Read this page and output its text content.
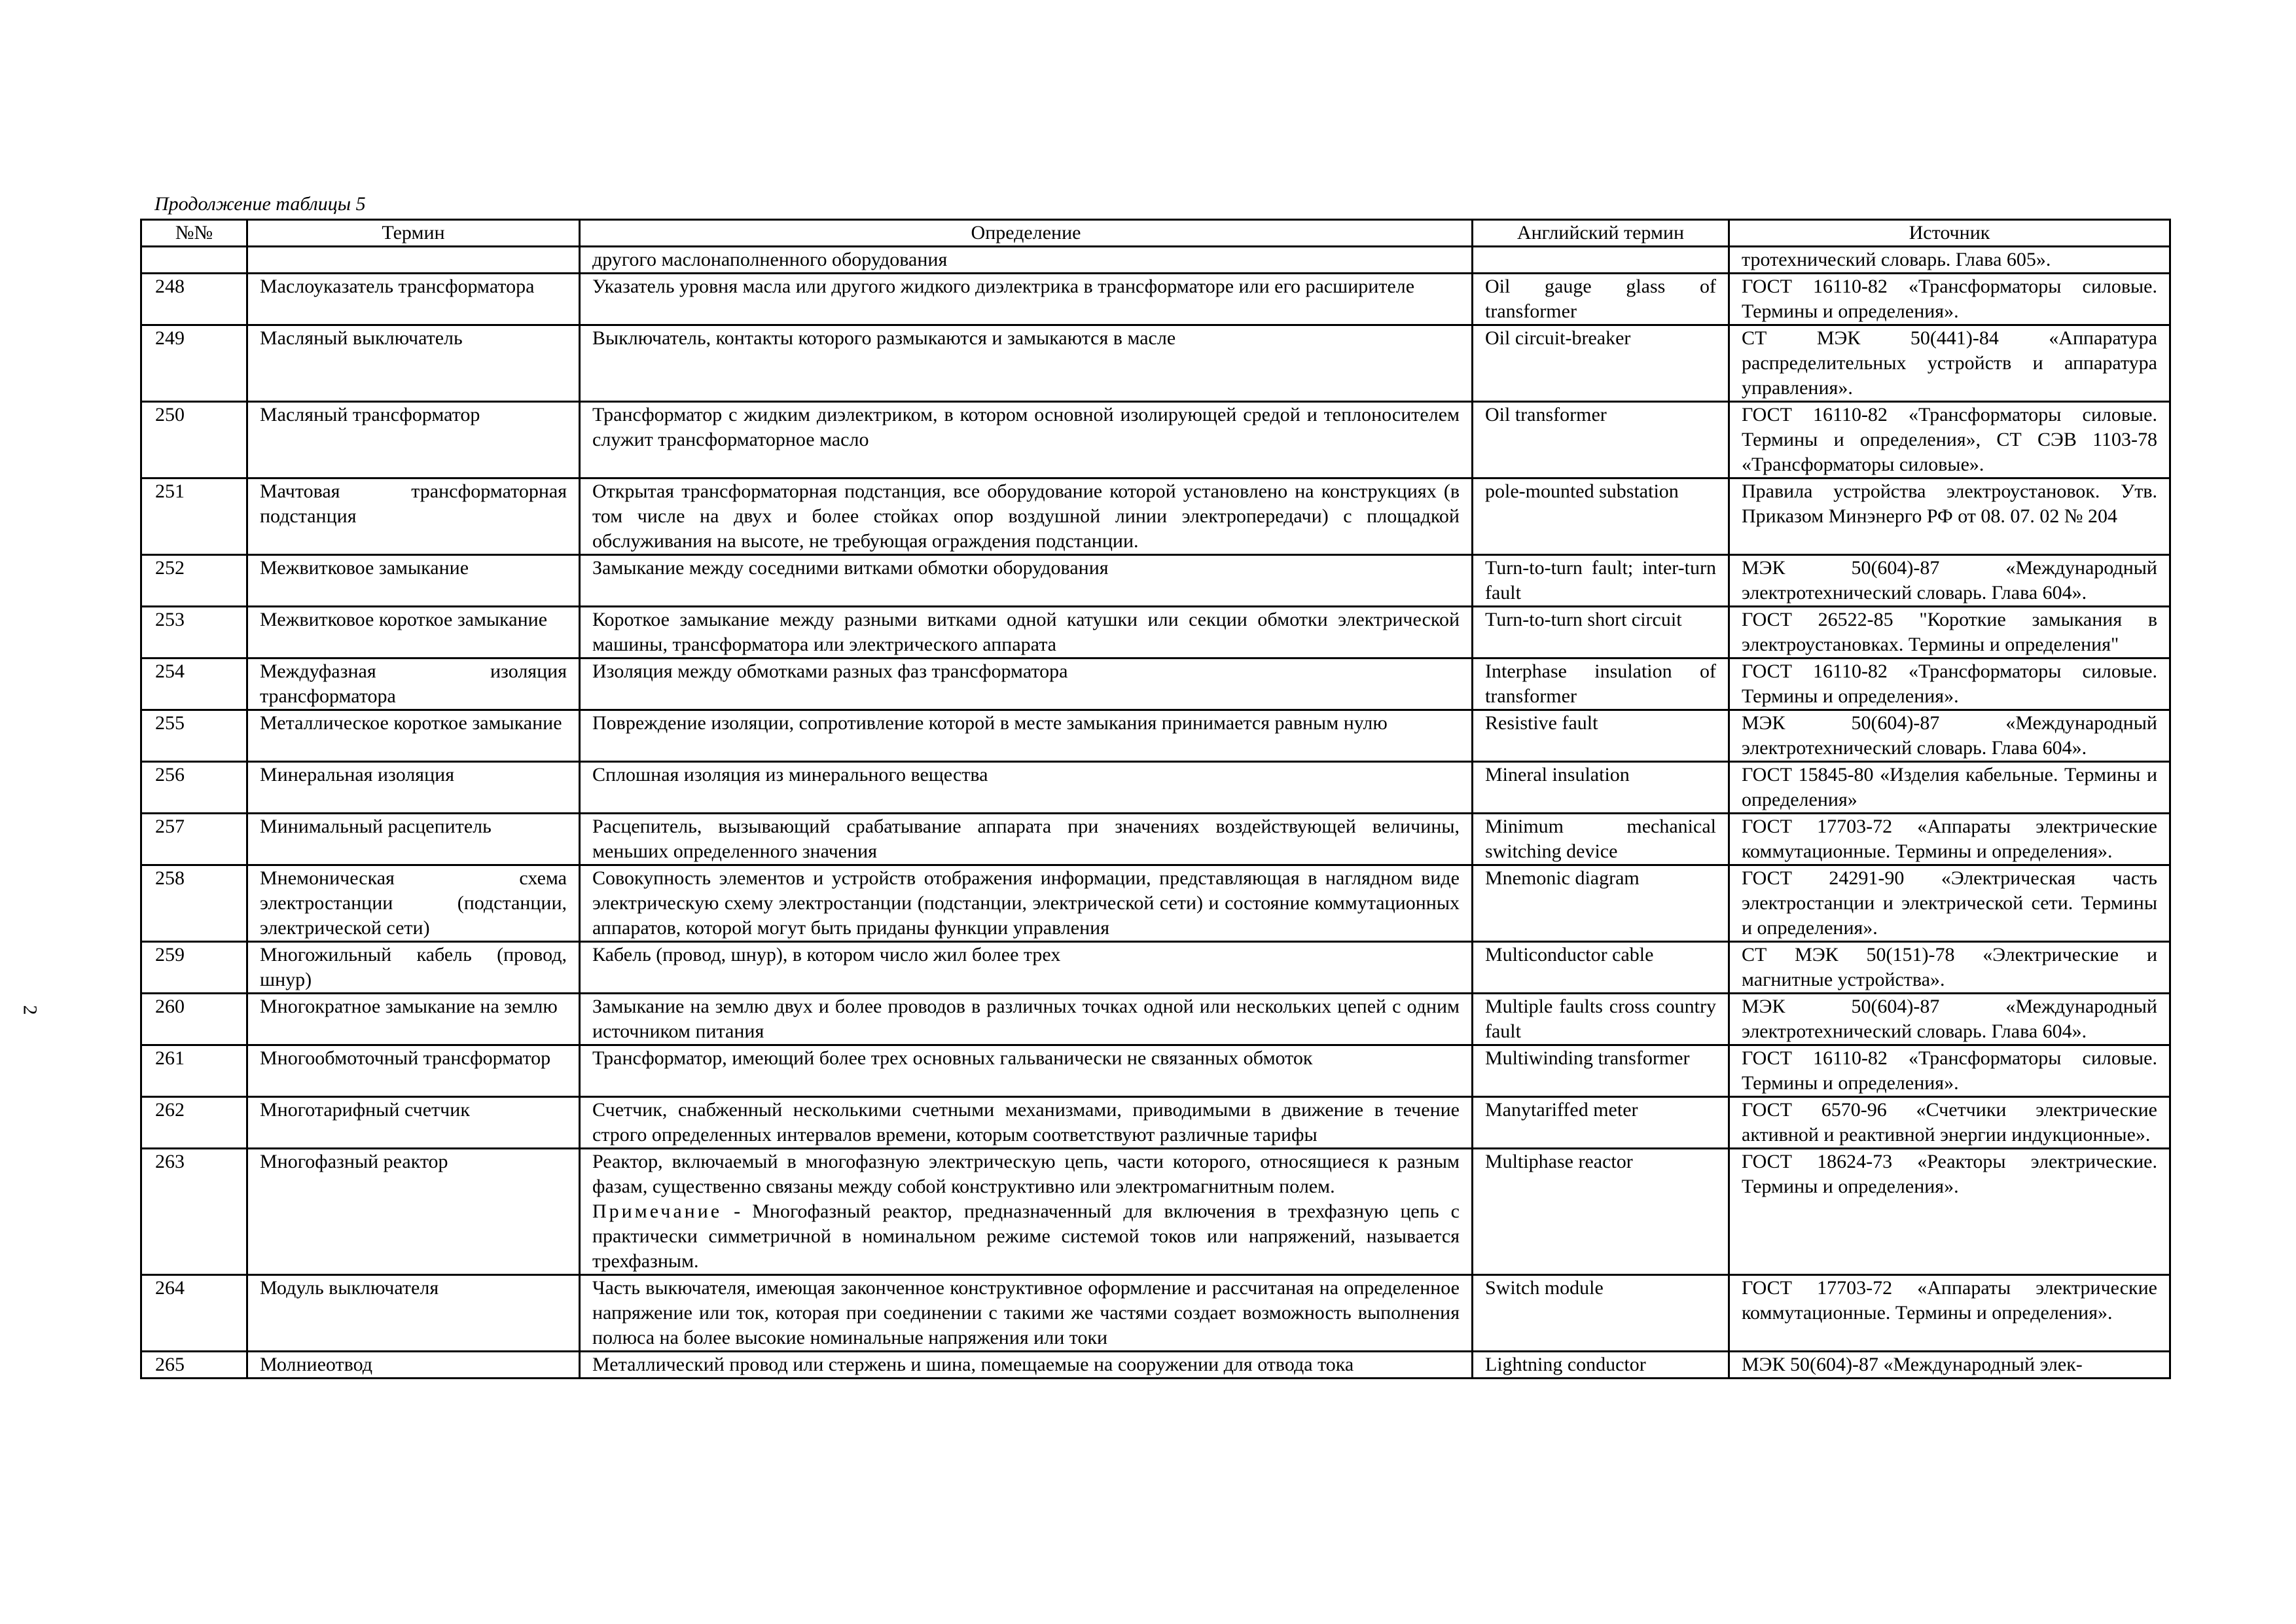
2
Продолжение таблицы 5
№№	Термин	Определение	Английский термин	Источник
		другого маслонаполненного оборудования		тротехнический словарь. Глава 605».
248	Маслоуказатель трансформатора	Указатель уровня масла или другого жидкого диэлектрика в трансформаторе или его расширителе	Oil gauge glass of transformer	ГОСТ 16110-82 «Трансформаторы силовые. Термины и определения».
249	Масляный выключатель	Выключатель, контакты которого размыкаются и замыкаются в масле	Oil circuit-breaker	СТ МЭК 50(441)-84 «Аппаратура распределительных устройств и аппаратура управления».
250	Масляный трансформатор	Трансформатор с жидким диэлектриком, в котором основной изолирующей средой и теплоносителем служит трансформаторное масло	Oil transformer	ГОСТ 16110-82 «Трансформаторы силовые. Термины и определения», СТ СЭВ 1103-78 «Трансформаторы силовые».
251	Мачтовая трансформаторная подстанция	Открытая трансформаторная подстанция, все оборудование которой установлено на конструкциях (в том числе на двух и более стойках опор воздушной линии электропередачи) с площадкой обслуживания на высоте, не требующая ограждения подстанции.	pole-mounted substation	Правила устройства электроустановок. Утв. Приказом Минэнерго РФ от 08. 07. 02 № 204
252	Межвитковое замыкание	Замыкание между соседними витками обмотки оборудования	Turn-to-turn fault; inter-turn fault	МЭК 50(604)-87 «Международный электротехнический словарь. Глава 604».
253	Межвитковое короткое замыкание	Короткое замыкание между разными витками одной катушки или секции обмотки электрической машины, трансформатора или электрического аппарата	Turn-to-turn short circuit	ГОСТ 26522-85 "Короткие замыкания в электроустановках. Термины и определения"
254	Междуфазная изоляция трансформатора	Изоляция между обмотками разных фаз трансформатора	Interphase insulation of transformer	ГОСТ 16110-82 «Трансформаторы силовые. Термины и определения».
255	Металлическое короткое замыкание	Повреждение изоляции, сопротивление которой в месте замыкания принимается равным нулю	Resistive fault	МЭК 50(604)-87 «Международный электротехнический словарь. Глава 604».
256	Минеральная изоляция	Сплошная изоляция из минерального вещества	Mineral insulation	ГОСТ 15845-80 «Изделия кабельные. Термины и определения»
257	Минимальный расцепитель	Расцепитель, вызывающий срабатывание аппарата при значениях воздействующей величины, меньших определенного значения	Minimum mechanical switching device	ГОСТ 17703-72 «Аппараты электрические коммутационные. Термины и определения».
258	Мнемоническая схема электростанции (подстанции, электрической сети)	Совокупность элементов и устройств отображения информации, представляющая в наглядном виде электрическую схему электростанции (подстанции, электрической сети) и состояние коммутационных аппаратов, которой могут быть приданы функции управления	Mnemonic diagram	ГОСТ 24291-90 «Электрическая часть электростанции и электрической сети. Термины и определения».
259	Многожильный кабель (провод, шнур)	Кабель (провод, шнур), в котором число жил более трех	Multiconductor cable	СТ МЭК 50(151)-78 «Электрические и магнитные устройства».
260	Многократное замыкание на землю	Замыкание на землю двух и более проводов в различных точках одной или нескольких цепей с одним источником питания	Multiple faults cross country fault	МЭК 50(604)-87 «Международный электротехнический словарь. Глава 604».
261	Многообмоточный трансформатор	Трансформатор, имеющий более трех основных гальванически не связанных обмоток	Multiwinding transformer	ГОСТ 16110-82 «Трансформаторы силовые. Термины и определения».
262	Многотарифный счетчик	Счетчик, снабженный несколькими счетными механизмами, приводимыми в движение в течение строго определенных интервалов времени, которым соответствуют различные тарифы	Manytariffed meter	ГОСТ 6570-96 «Счетчики электрические активной и реактивной энергии индукционные».
263	Многофазный реактор	Реактор, включаемый в многофазную электрическую цепь, части которого, относящиеся к разным фазам, существенно связаны между собой конструктивно или электромагнитным полем.
Примечание - Многофазный реактор, предназначенный для включения в трехфазную цепь с практически симметричной в номинальном режиме системой токов или напряжений, называется трехфазным.	Multiphase reactor	ГОСТ 18624-73 «Реакторы электрические. Термины и определения».
264	Модуль выключателя	Часть выкючателя, имеющая законченное конструктивное оформление и рассчитаная на определенное напряжение или ток, которая при соединении с такими же частями создает возможность выполнения полюса на более высокие номинальные напряжения или токи	Switch module	ГОСТ 17703-72 «Аппараты электрические коммутационные. Термины и определения».
265	Молниеотвод	Металлический провод или стержень и шина, помещаемые на сооружении для отвода тока	Lightning conductor	МЭК 50(604)-87 «Международный элек-
